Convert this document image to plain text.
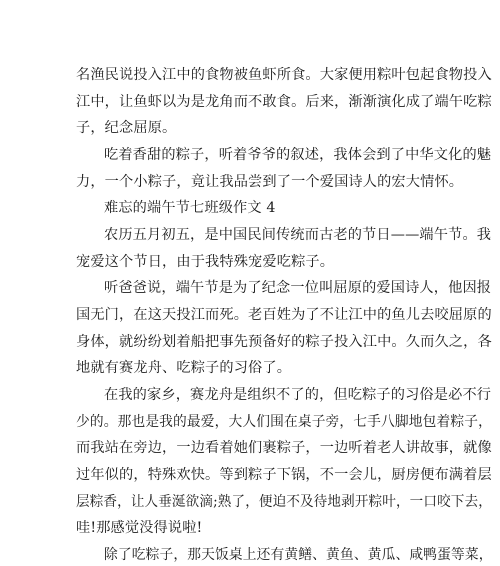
名渔民说投入江中的食物被鱼虾所食。大家便用粽叶包起食物投入
江中，让鱼虾以为是龙角而不敢食。后来，渐渐演化成了端午吃粽
子，纪念屈原。
吃着香甜的粽子，听着爷爷的叙述，我体会到了中华文化的魅
力，一个小粽子，竟让我品尝到了一个爱国诗人的宏大情怀。
难忘的端午节七班级作文 4
农历五月初五，是中国民间传统而古老的节日——端午节。我
宠爱这个节日，由于我特殊宠爱吃粽子。
听爸爸说，端午节是为了纪念一位叫屈原的爱国诗人，他因报
国无门，在这天投江而死。老百姓为了不让江中的鱼儿去咬屈原的
身体，就纷纷划着船把事先预备好的粽子投入江中。久而久之，各
地就有赛龙舟、吃粽子的习俗了。
在我的家乡，赛龙舟是组织不了的，但吃粽子的习俗是必不行
少的。那也是我的最爱，大人们围在桌子旁，七手八脚地包着粽子，
而我站在旁边，一边看着她们裹粽子，一边听着老人讲故事，就像
过年似的，特殊欢快。等到粽子下锅，不一会儿，厨房便布满着层
层粽香，让人垂涎欲滴;熟了，便迫不及待地剥开粽叶，一口咬下去，
哇!那感觉没得说啦!
除了吃粽子，那天饭桌上还有黄鳝、黄鱼、黄瓜、咸鸭蛋等菜，
